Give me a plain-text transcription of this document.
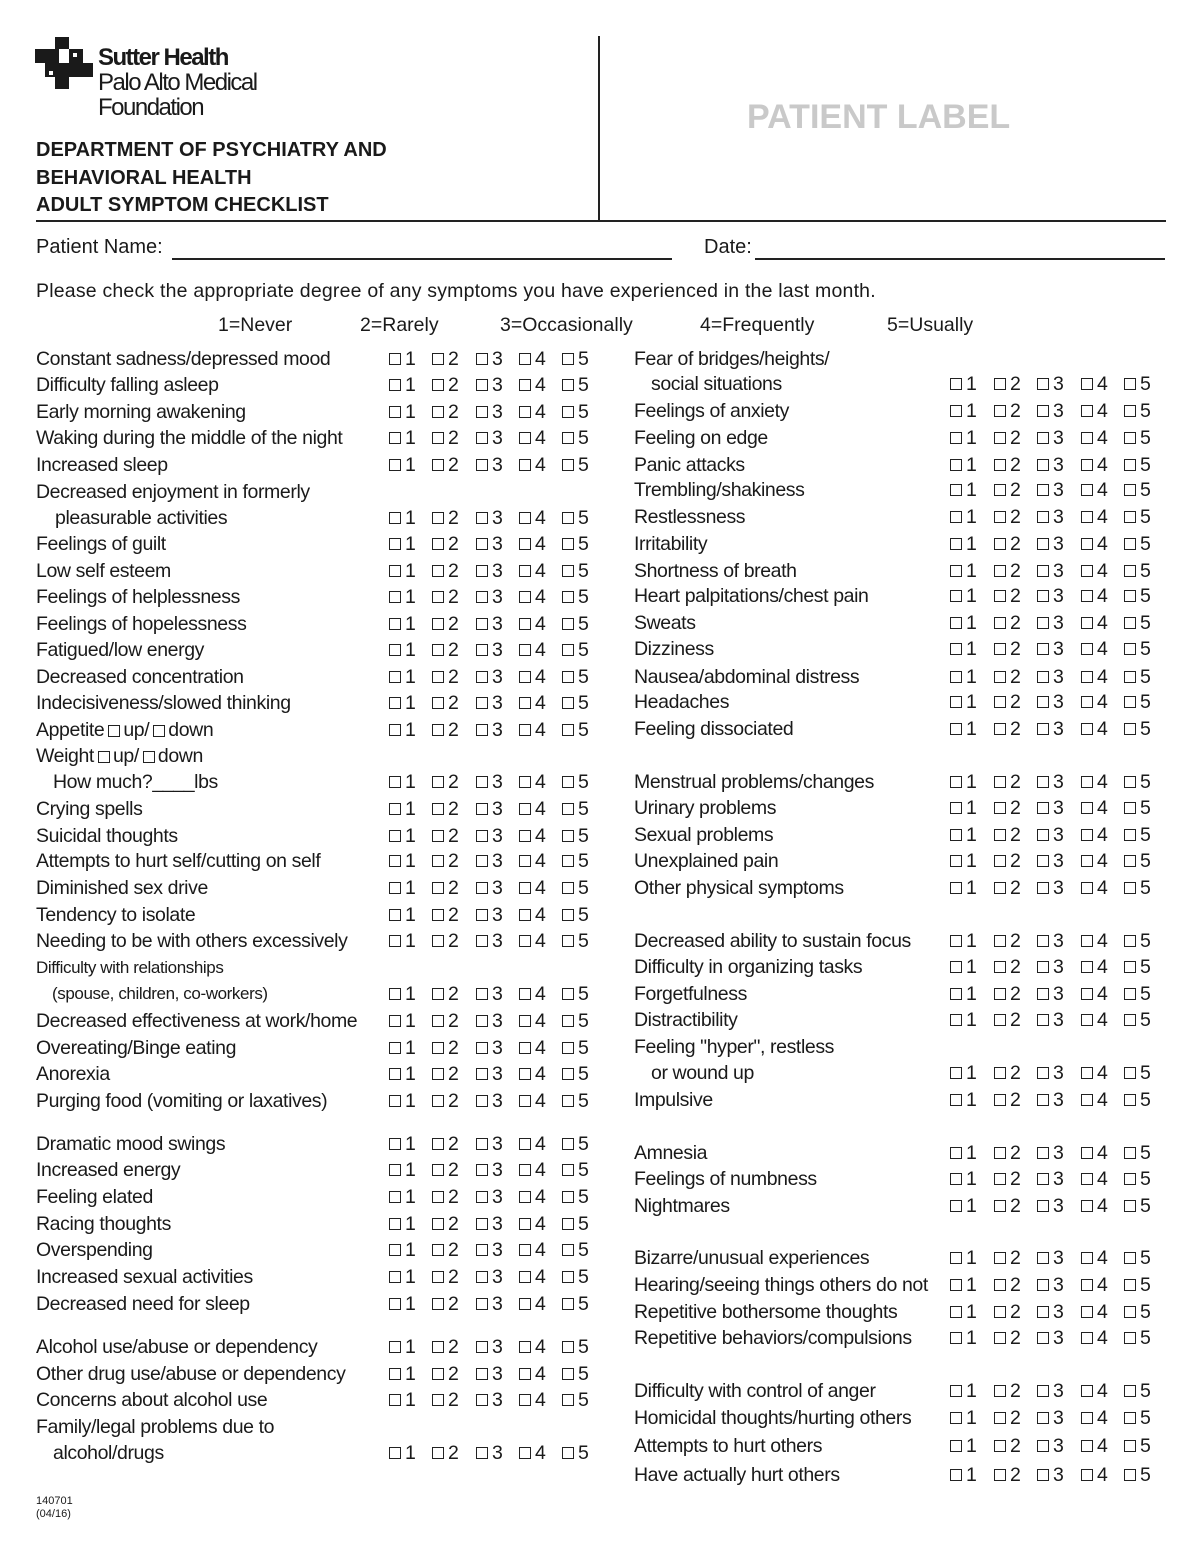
Sutter Health
Palo Alto Medical
Foundation
DEPARTMENT OF PSYCHIATRY AND
BEHAVIORAL HEALTH
ADULT SYMPTOM CHECKLIST
PATIENT LABEL
Patient Name:	Date:
Please check the appropriate degree of any symptoms you have experienced in the last month.
1=Never	2=Rarely	3=Occasionally	4=Frequently	5=Usually
Constant sadness/depressed mood	1 2 3 4 5
Difficulty falling asleep	1 2 3 4 5
Early morning awakening	1 2 3 4 5
Waking during the middle of the night	1 2 3 4 5
Increased sleep	1 2 3 4 5
Decreased enjoyment in formerly
pleasurable activities	1 2 3 4 5
Feelings of guilt	1 2 3 4 5
Low self esteem	1 2 3 4 5
Feelings of helplessness	1 2 3 4 5
Feelings of hopelessness	1 2 3 4 5
Fatigued/low energy	1 2 3 4 5
Decreased concentration	1 2 3 4 5
Indecisiveness/slowed thinking	1 2 3 4 5
Appetite up/ down	1 2 3 4 5
Weight up/ down
How much?____lbs	1 2 3 4 5
Crying spells	1 2 3 4 5
Suicidal thoughts	1 2 3 4 5
Attempts to hurt self/cutting on self	1 2 3 4 5
Diminished sex drive	1 2 3 4 5
Tendency to isolate	1 2 3 4 5
Needing to be with others excessively	1 2 3 4 5
Difficulty with relationships
(spouse, children, co-workers)	1 2 3 4 5
Decreased effectiveness at work/home 1 2 3 4 5
Overeating/Binge eating	1 2 3 4 5
Anorexia	1 2 3 4 5
Purging food (vomiting or laxatives)	1 2 3 4 5
Dramatic mood swings	1 2 3 4 5
Increased energy	1 2 3 4 5
Feeling elated	1 2 3 4 5
Racing thoughts	1 2 3 4 5
Overspending	1 2 3 4 5
Increased sexual activities	1 2 3 4 5
Decreased need for sleep	1 2 3 4 5
Alcohol use/abuse or dependency	1 2 3 4 5
Other drug use/abuse or dependency	1 2 3 4 5
Concerns about alcohol use	1 2 3 4 5
Family/legal problems due to
alcohol/drugs	1 2 3 4 5
Fear of bridges/heights/
social situations	1 2 3 4 5
Feelings of anxiety	1 2 3 4 5
Feeling on edge	1 2 3 4 5
Panic attacks	1 2 3 4 5
Trembling/shakiness	1 2 3 4 5
Restlessness	1 2 3 4 5
Irritability	1 2 3 4 5
Shortness of breath	1 2 3 4 5
Heart palpitations/chest pain	1 2 3 4 5
Sweats	1 2 3 4 5
Dizziness	1 2 3 4 5
Nausea/abdominal distress	1 2 3 4 5
Headaches	1 2 3 4 5
Feeling dissociated	1 2 3 4 5
Menstrual problems/changes	1 2 3 4 5
Urinary problems	1 2 3 4 5
Sexual problems	1 2 3 4 5
Unexplained pain	1 2 3 4 5
Other physical symptoms	1 2 3 4 5
Decreased ability to sustain focus	1 2 3 4 5
Difficulty in organizing tasks	1 2 3 4 5
Forgetfulness	1 2 3 4 5
Distractibility	1 2 3 4 5
Feeling "hyper", restless
or wound up	1 2 3 4 5
Impulsive	1 2 3 4 5
Amnesia	1 2 3 4 5
Feelings of numbness	1 2 3 4 5
Nightmares	1 2 3 4 5
Bizarre/unusual experiences	1 2 3 4 5
Hearing/seeing things others do not 1 2 3 4 5
Repetitive bothersome thoughts	1 2 3 4 5
Repetitive behaviors/compulsions	1 2 3 4 5
Difficulty with control of anger	1 2 3 4 5
Homicidal thoughts/hurting others	1 2 3 4 5
Attempts to hurt others	1 2 3 4 5
Have actually hurt others	1 2 3 4 5
140701
(04/16)
